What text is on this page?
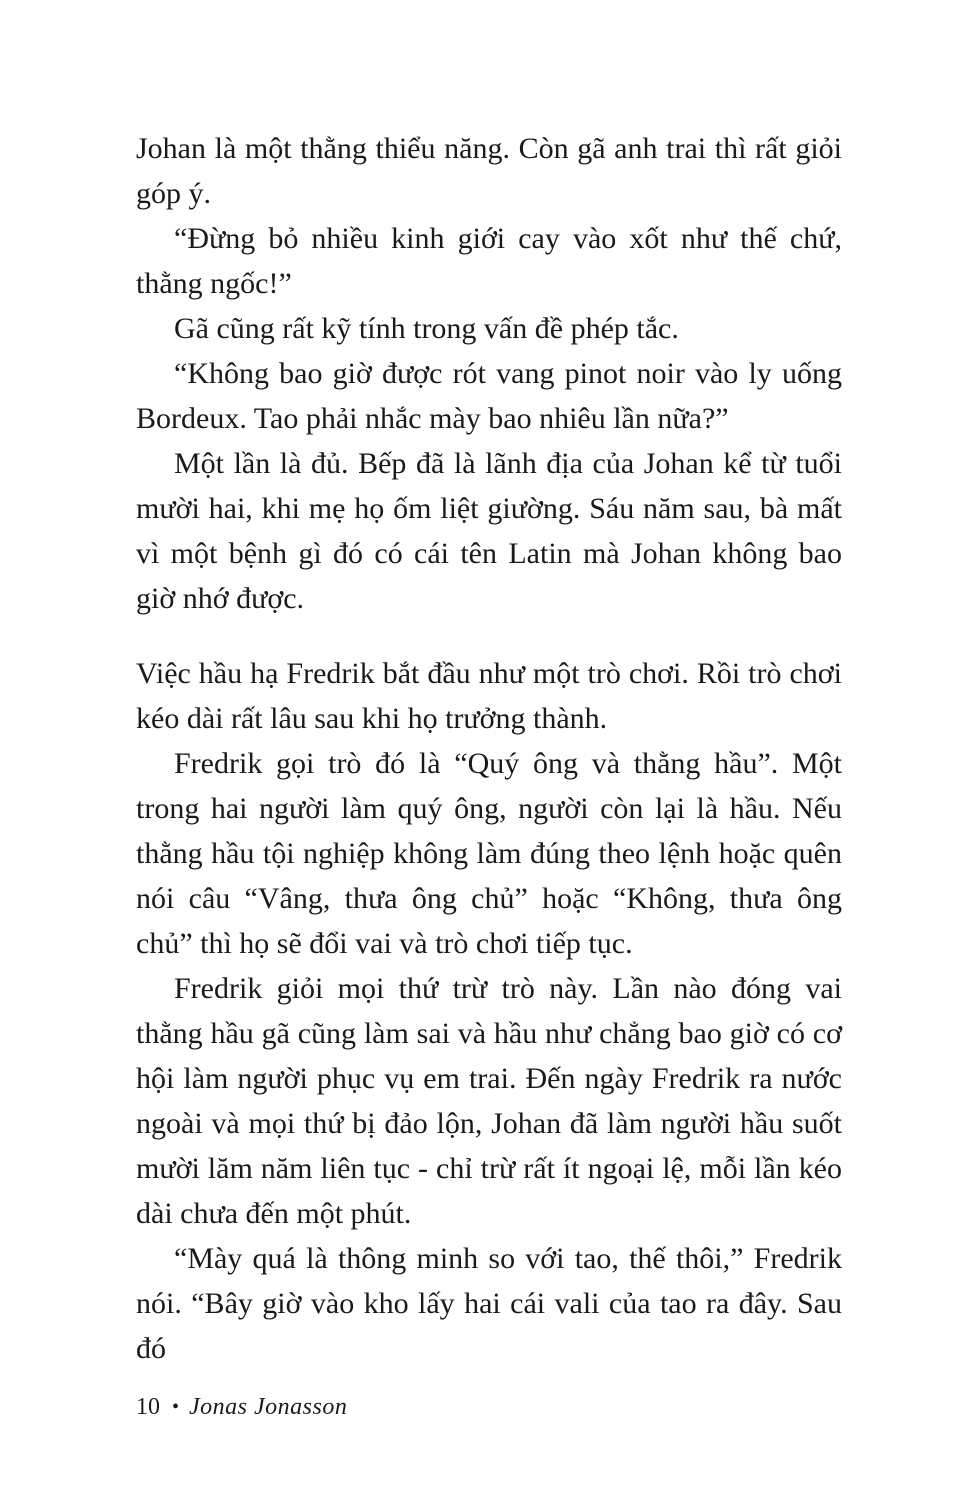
Johan là một thằng thiểu năng. Còn gã anh trai thì rất giỏi góp ý.

“Đừng bỏ nhiều kinh giới cay vào xốt như thế chứ, thằng ngốc!”

Gã cũng rất kỹ tính trong vấn đề phép tắc.

“Không bao giờ được rót vang pinot noir vào ly uống Bordeux. Tao phải nhắc mày bao nhiêu lần nữa?”

Một lần là đủ. Bếp đã là lãnh địa của Johan kể từ tuổi mười hai, khi mẹ họ ốm liệt giường. Sáu năm sau, bà mất vì một bệnh gì đó có cái tên Latin mà Johan không bao giờ nhớ được.

Việc hầu hạ Fredrik bắt đầu như một trò chơi. Rồi trò chơi kéo dài rất lâu sau khi họ trưởng thành.

Fredrik gọi trò đó là “Quý ông và thằng hầu”. Một trong hai người làm quý ông, người còn lại là hầu. Nếu thằng hầu tội nghiệp không làm đúng theo lệnh hoặc quên nói câu “Vâng, thưa ông chủ” hoặc “Không, thưa ông chủ” thì họ sẽ đổi vai và trò chơi tiếp tục.

Fredrik giỏi mọi thứ trừ trò này. Lần nào đóng vai thằng hầu gã cũng làm sai và hầu như chẳng bao giờ có cơ hội làm người phục vụ em trai. Đến ngày Fredrik ra nước ngoài và mọi thứ bị đảo lộn, Johan đã làm người hầu suốt mười lăm năm liên tục - chỉ trừ rất ít ngoại lệ, mỗi lần kéo dài chưa đến một phút.

“Mày quá là thông minh so với tao, thế thôi,” Fredrik nói. “Bây giờ vào kho lấy hai cái vali của tao ra đây. Sau đó

10 • Jonas Jonasson
